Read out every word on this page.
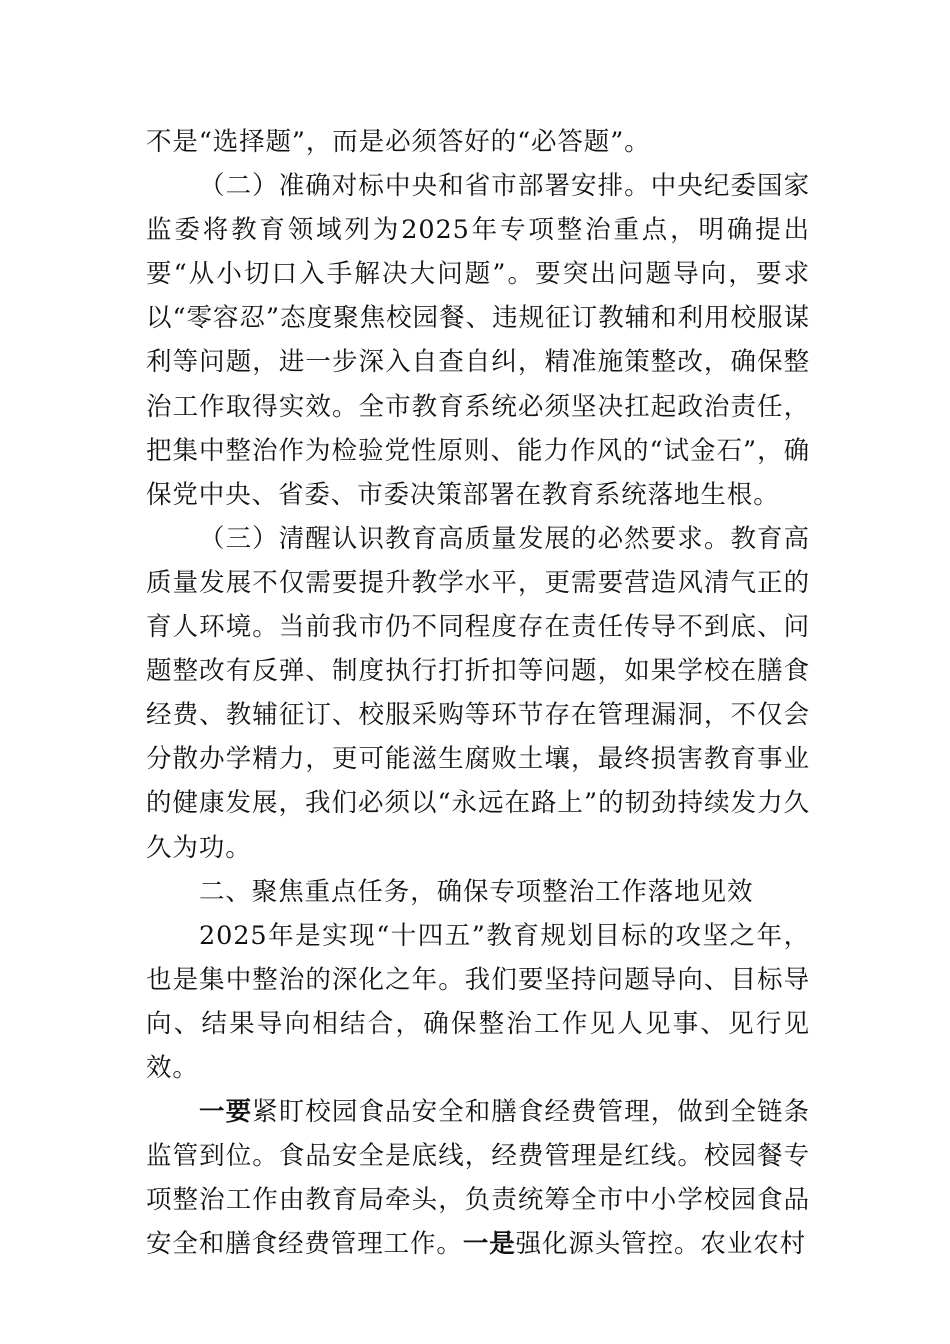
不是“选择题”，而是必须答好的“必答题”。

（二）准确对标中央和省市部署安排。中央纪委国家监委将教育领域列为2025年专项整治重点，明确提出要“从小切口入手解决大问题”。要突出问题导向，要求以“零容忍”态度聚焦校园餐、违规征订教辅和利用校服谋利等问题，进一步深入自查自纠，精准施策整改，确保整治工作取得实效。全市教育系统必须坚决扛起政治责任，把集中整治作为检验党性原则、能力作风的“试金石”，确保党中央、省委、市委决策部署在教育系统落地生根。

（三）清醒认识教育高质量发展的必然要求。教育高质量发展不仅需要提升教学水平，更需要营造风清气正的育人环境。当前我市仍不同程度存在责任传导不到底、问题整改有反弹、制度执行打折扣等问题，如果学校在膳食经费、教辅征订、校服采购等环节存在管理漏洞，不仅会分散办学精力，更可能滋生腐败土壤，最终损害教育事业的健康发展，我们必须以“永远在路上”的韧劲持续发力久久为功。

二、聚焦重点任务，确保专项整治工作落地见效

2025年是实现“十四五”教育规划目标的攻坚之年，也是集中整治的深化之年。我们要坚持问题导向、目标导向、结果导向相结合，确保整治工作见人见事、见行见效。

一要紧盯校园食品安全和膳食经费管理，做到全链条监管到位。食品安全是底线，经费管理是红线。校园餐专项整治工作由教育局牵头，负责统筹全市中小学校园食品安全和膳食经费管理工作。一是强化源头管控。农业农村
